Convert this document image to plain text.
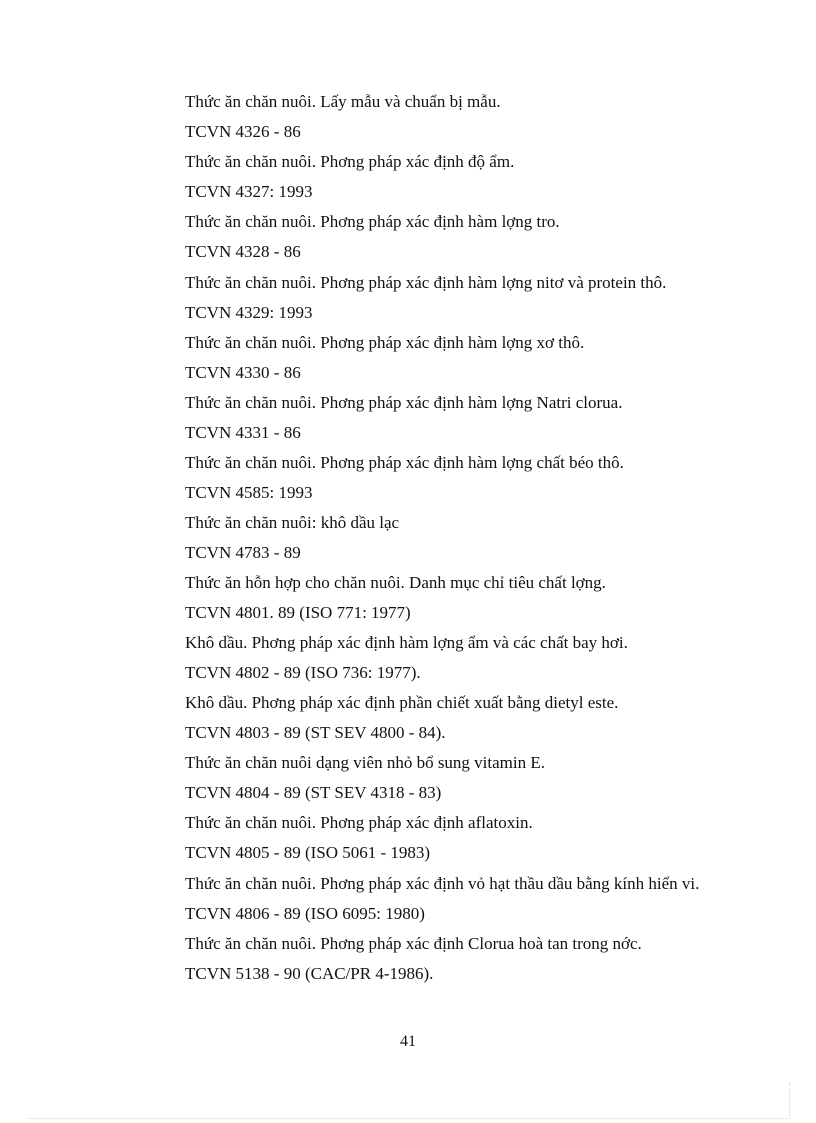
Thức ăn chăn nuôi. Lấy mẫu và chuẩn bị mẫu.

TCVN 4326 - 86

Thức ăn chăn nuôi. Phơng pháp xác định độ ẩm.

TCVN 4327: 1993

Thức ăn chăn nuôi. Phơng pháp xác định hàm lợng tro.

TCVN 4328 - 86

Thức ăn chăn nuôi. Phơng pháp xác định hàm lợng nitơ và protein thô.

TCVN 4329: 1993

Thức ăn chăn nuôi. Phơng pháp xác định hàm lợng xơ thô.

TCVN 4330 - 86

Thức ăn chăn nuôi. Phơng pháp xác định hàm lợng Natri clorua.

TCVN 4331 - 86

Thức ăn chăn nuôi. Phơng pháp xác định hàm lợng chất béo thô.

TCVN 4585: 1993

Thức ăn chăn nuôi: khô dầu lạc

TCVN 4783 - 89

Thức ăn hỗn hợp cho chăn nuôi. Danh mục chỉ tiêu chất lợng.

TCVN 4801. 89 (ISO 771: 1977)

Khô dầu. Phơng pháp xác định hàm lợng ẩm và các chất bay hơi.

TCVN 4802 - 89 (ISO 736: 1977).

Khô dầu. Phơng pháp xác định phần chiết xuất bằng dietyl este.

TCVN 4803 - 89 (ST SEV 4800 - 84).

Thức ăn chăn nuôi dạng viên nhỏ bổ sung vitamin E.

TCVN 4804 - 89 (ST SEV 4318 - 83)

Thức ăn chăn nuôi. Phơng pháp xác định aflatoxin.

TCVN 4805 - 89 (ISO 5061 - 1983)

Thức ăn chăn nuôi. Phơng pháp xác định vỏ hạt thầu dầu bằng kính hiển vi.

TCVN 4806 - 89 (ISO 6095: 1980)

Thức ăn chăn nuôi. Phơng pháp xác định Clorua hoà tan trong nớc.

TCVN 5138 - 90 (CAC/PR 4-1986).

41
